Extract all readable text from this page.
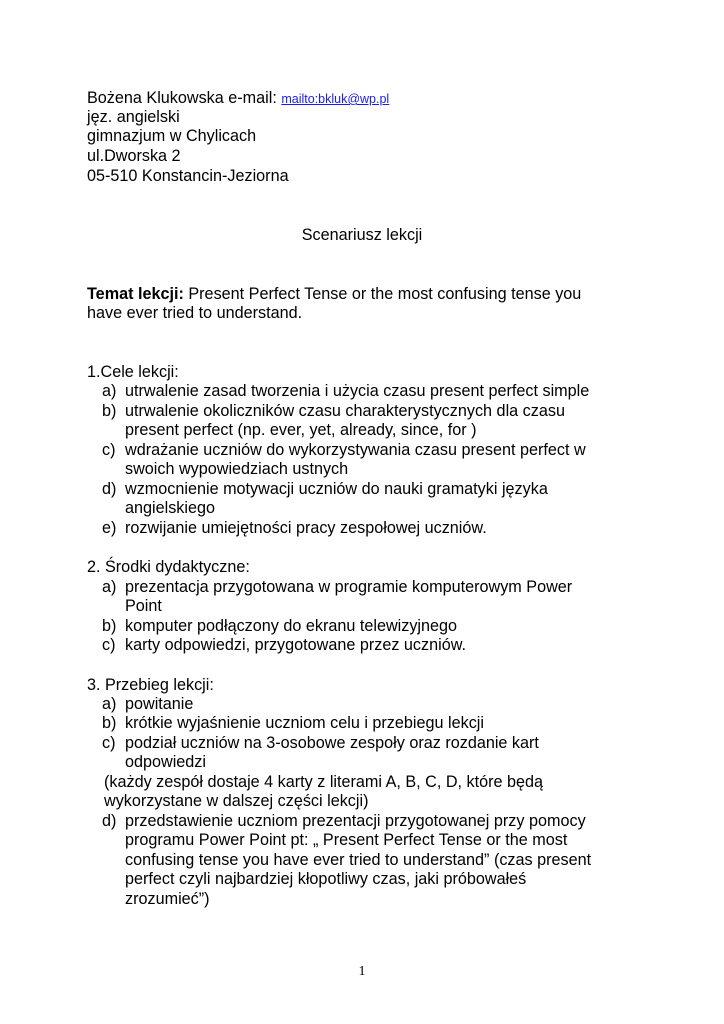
Bożena Klukowska e-mail: mailto:bkluk@wp.pl
jęz. angielski
gimnazjum w Chylicach
ul.Dworska 2
05-510 Konstancin-Jeziorna
Scenariusz lekcji
Temat lekcji: Present Perfect Tense or the most confusing tense you
have ever tried to understand.
1.Cele lekcji:
a) utrwalenie zasad tworzenia i użycia czasu present perfect simple
b) utrwalenie okoliczników czasu charakterystycznych dla czasu
present perfect (np. ever, yet, already, since, for )
c) wdrażanie uczniów do wykorzystywania czasu present perfect w
swoich wypowiedziach ustnych
d) wzmocnienie motywacji uczniów do nauki gramatyki języka
angielskiego
e) rozwijanie umiejętności pracy zespołowej uczniów.
2. Środki dydaktyczne:
a) prezentacja przygotowana w programie komputerowym Power
Point
b) komputer podłączony do ekranu telewizyjnego
c) karty odpowiedzi, przygotowane przez uczniów.
3. Przebieg lekcji:
a) powitanie
b) krótkie wyjaśnienie uczniom celu i przebiegu lekcji
c) podział uczniów na 3-osobowe zespoły oraz rozdanie kart
odpowiedzi
(każdy zespół dostaje 4 karty z literami A, B, C, D, które będą
wykorzystane w dalszej części lekcji)
d) przedstawienie uczniom prezentacji przygotowanej przy pomocy
programu Power Point pt: „ Present Perfect Tense or the most
confusing tense you have ever tried to understand” (czas present
perfect czyli najbardziej kłopotliwy czas, jaki próbowałeś
zrozumieć”)
1
